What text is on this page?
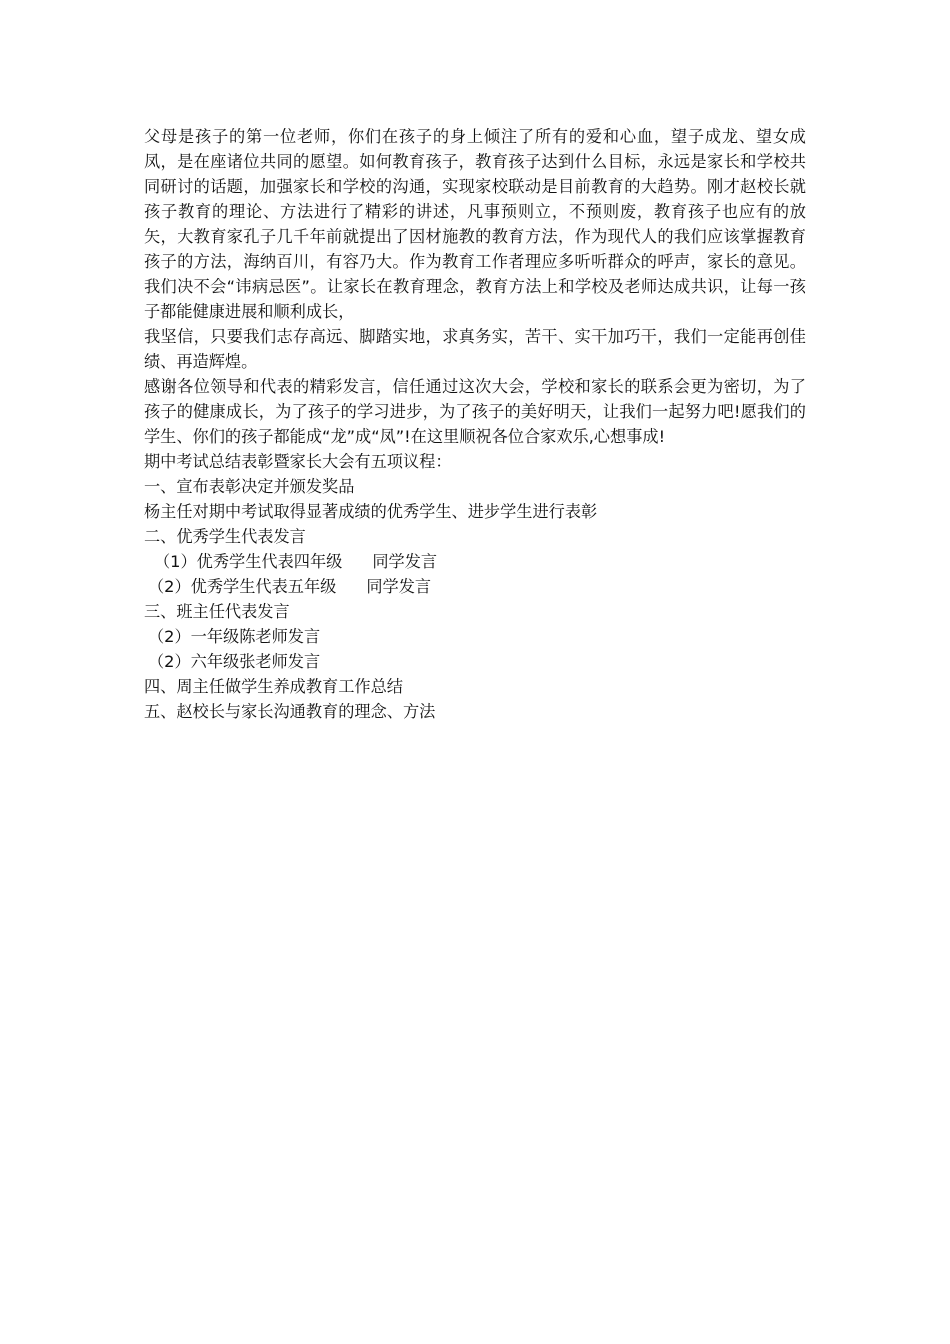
父母是孩子的第一位老师，你们在孩子的身上倾注了所有的爱和心血，望子成龙、望女成凤，是在座诸位共同的愿望。如何教育孩子，教育孩子达到什么目标，永远是家长和学校共同研讨的话题，加强家长和学校的沟通，实现家校联动是目前教育的大趋势。刚才赵校长就孩子教育的理论、方法进行了精彩的讲述，凡事预则立，不预则废，教育孩子也应有的放矢，大教育家孔子几千年前就提出了因材施教的教育方法，作为现代人的我们应该掌握教育孩子的方法，海纳百川，有容乃大。作为教育工作者理应多听听群众的呼声，家长的意见。我们决不会“讳病忌医”。让家长在教育理念，教育方法上和学校及老师达成共识，让每一孩子都能健康进展和顺利成长，

我坚信，只要我们志存高远、脚踏实地，求真务实，苦干、实干加巧干，我们一定能再创佳绩、再造辉煌。

感谢各位领导和代表的精彩发言，信任通过这次大会，学校和家长的联系会更为密切，为了孩子的健康成长，为了孩子的学习进步，为了孩子的美好明天，让我们一起努力吧!愿我们的学生、你们的孩子都能成“龙”成“凤”!在这里顺祝各位合家欢乐,心想事成!

期中考试总结表彰暨家长大会有五项议程：

一、宣布表彰决定并颁发奖品

杨主任对期中考试取得显著成绩的优秀学生、进步学生进行表彰

二、优秀学生代表发言

（1）优秀学生代表四年级 同学发言

（2）优秀学生代表五年级 同学发言

三、班主任代表发言

（2）一年级陈老师发言

（2）六年级张老师发言

四、周主任做学生养成教育工作总结

五、赵校长与家长沟通教育的理念、方法
